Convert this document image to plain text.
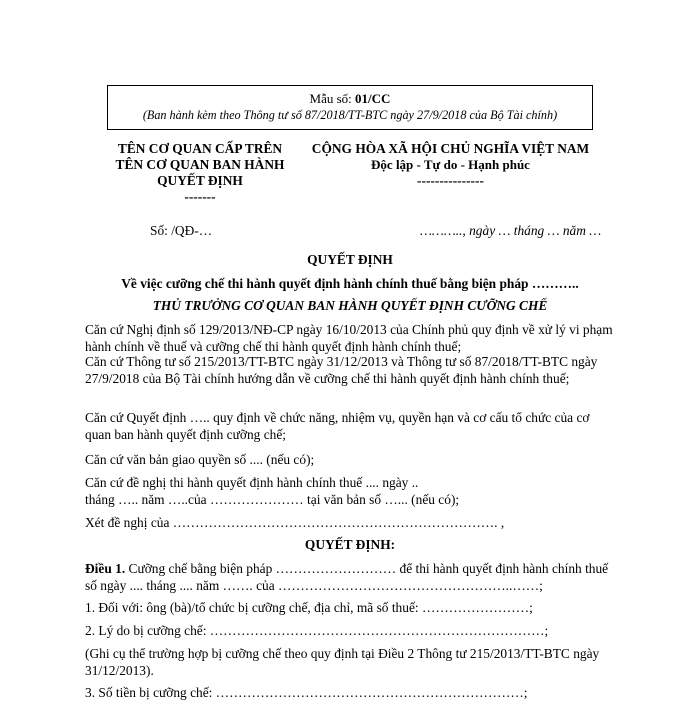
Mẫu số: 01/CC
(Ban hành kèm theo Thông tư số 87/2018/TT-BTC ngày 27/9/2018 của Bộ Tài chính)
TÊN CƠ QUAN CẤP TRÊN
TÊN CƠ QUAN BAN HÀNH
QUYẾT ĐỊNH
-------
CỘNG HÒA XÃ HỘI CHỦ NGHĨA VIỆT NAM
Độc lập - Tự do - Hạnh phúc
---------------
Số: /QĐ-…	……….., ngày … tháng … năm …
QUYẾT ĐỊNH
Về việc cưỡng chế thi hành quyết định hành chính thuế bằng biện pháp ………..
THỦ TRƯỞNG CƠ QUAN BAN HÀNH QUYẾT ĐỊNH CƯỠNG CHẾ
Căn cứ Nghị định số 129/2013/NĐ-CP ngày 16/10/2013 của Chính phủ quy định về xử lý vi phạm hành chính về thuế và cưỡng chế thi hành quyết định hành chính thuế;
Căn cứ Thông tư số 215/2013/TT-BTC ngày 31/12/2013 và Thông tư số 87/2018/TT-BTC ngày 27/9/2018 của Bộ Tài chính hướng dẫn về cưỡng chế thi hành quyết định hành chính thuế;
Căn cứ Quyết định ….. quy định về chức năng, nhiệm vụ, quyền hạn và cơ cấu tổ chức của cơ quan ban hành quyết định cưỡng chế;
Căn cứ văn bản giao quyền số .... (nếu có);
Căn cứ đề nghị thi hành quyết định hành chính thuế .... ngày ..
tháng ….. năm …..của ………………… tại văn bản số …... (nếu có);
Xét đề nghị của ………………………………………………………………. ,
QUYẾT ĐỊNH:
Điều 1. Cưỡng chế bằng biện pháp ……………………… để thi hành quyết định hành chính thuế số ngày .... tháng .... năm ……. của ……………………………………………..……;
1. Đối với: ông (bà)/tổ chức bị cưỡng chế, địa chỉ, mã số thuế: ……………………;
2. Lý do bị cưỡng chế: …………………………………………………………………;
(Ghi cụ thể trường hợp bị cưỡng chế theo quy định tại Điều 2 Thông tư 215/2013/TT-BTC ngày 31/12/2013).
3. Số tiền bị cưỡng chế: ……………………………………………………………;
